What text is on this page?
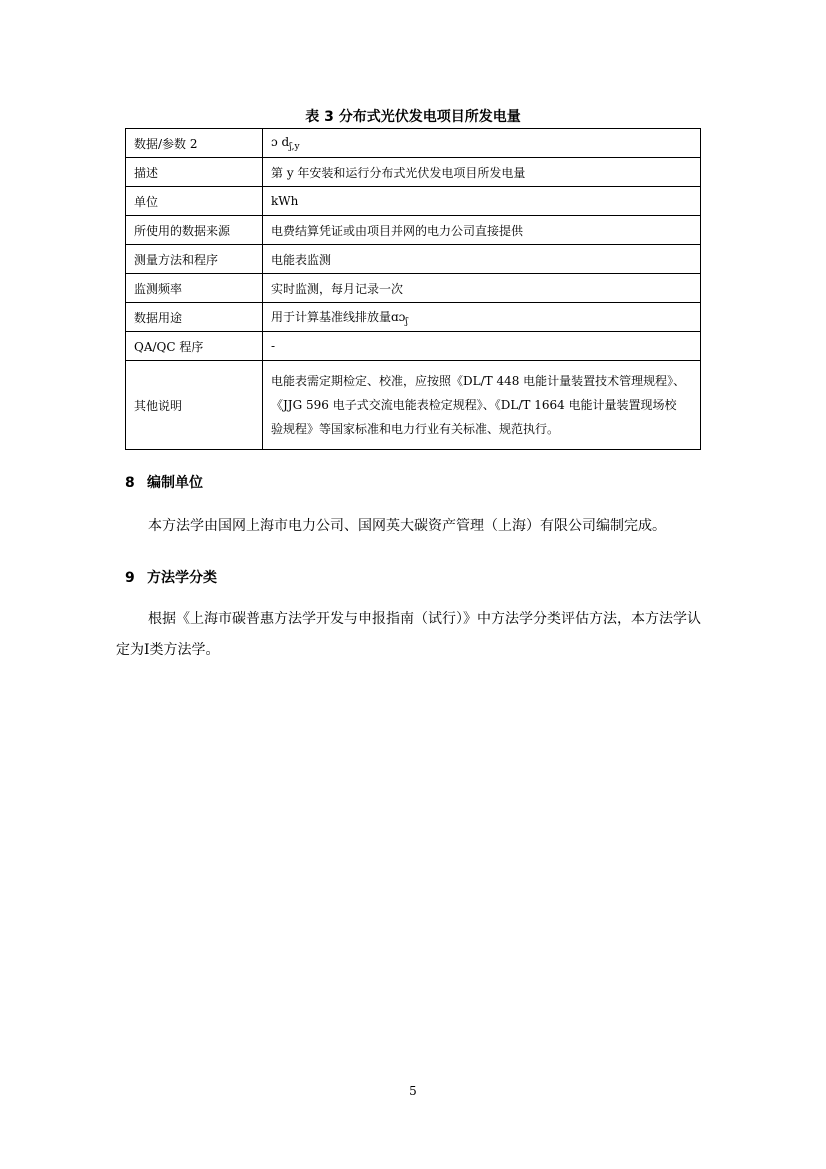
表 3 分布式光伏发电项目所发电量
数据/参数 2	ɔ $d_{ʃ,y}$
描述	第 y 年安装和运行分布式光伏发电项目所发电量
单位	kWh
所使用的数据来源	电费结算凭证或由项目并网的电力公司直接提供
测量方法和程序	电能表监测
监测频率	实时监测，每月记录一次
数据用途	用于计算基准线排放量ɑɔ$_ʃ$
QA/QC 程序	-
其他说明	电能表需定期检定、校准，应按照《DL/T 448 电能计量装置技术管理规程》、
《JJG 596 电子式交流电能表检定规程》、《DL/T 1664 电能计量装置现场校
验规程》等国家标准和电力行业有关标准、规范执行。
8 编制单位
本方法学由国网上海市电力公司、国网英大碳资产管理（上海）有限公司编制完成。
9 方法学分类
根据《上海市碳普惠方法学开发与申报指南（试行）》中方法学分类评估方法，本方法学认定为Ⅰ类方法学。
5
